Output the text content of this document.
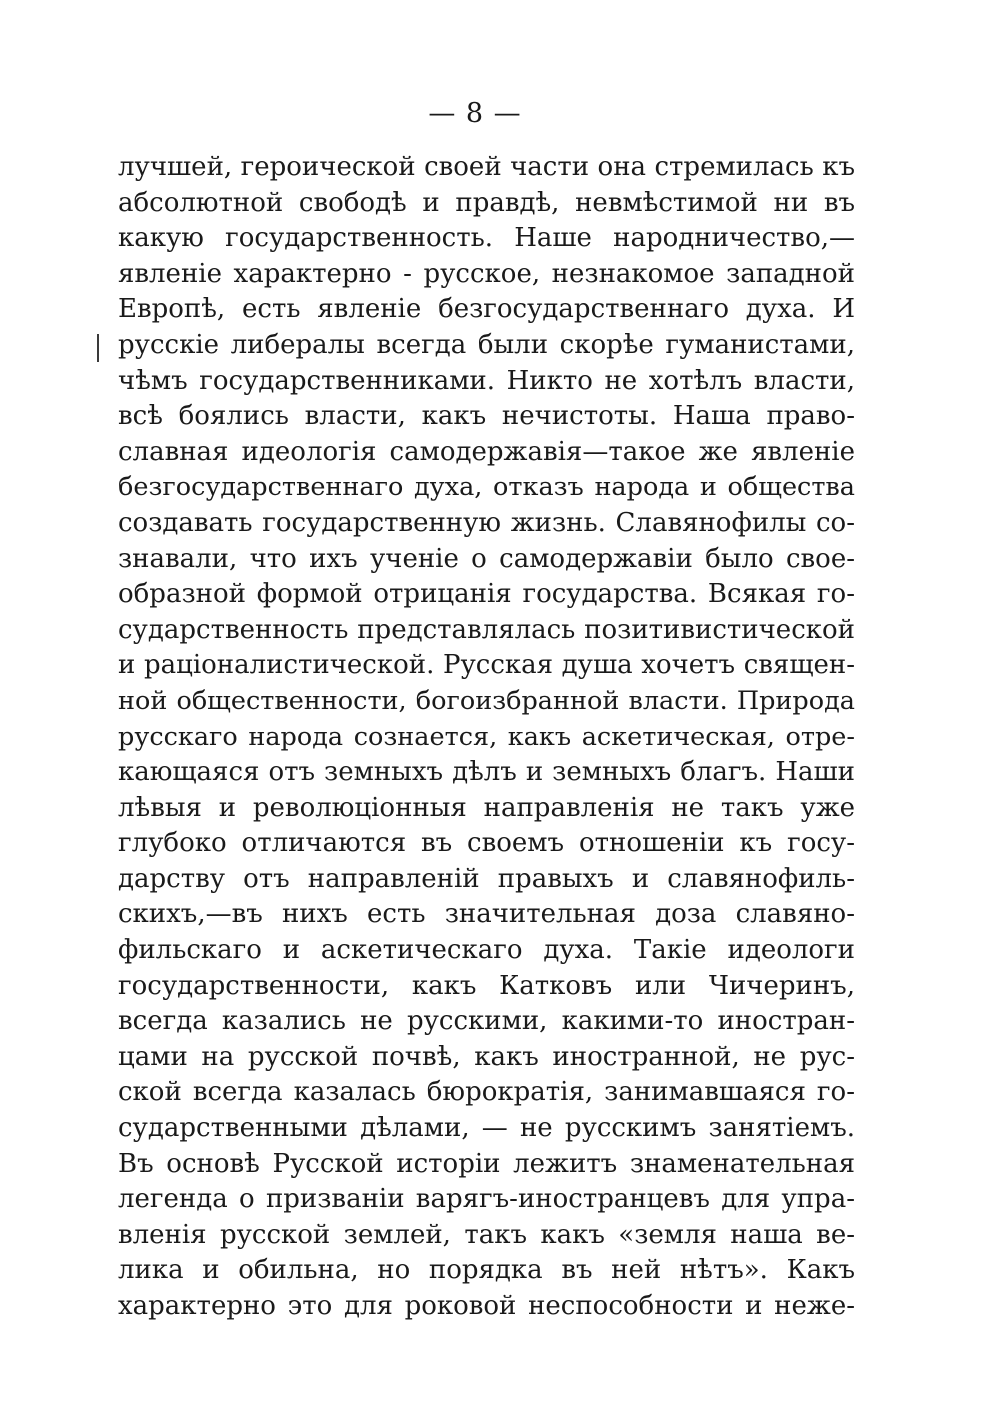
— 8 —
лучшей, героической своей части она стремилась къ
абсолютной свободѣ и правдѣ, невмѣстимой ни въ
какую государственность. Наше народничество,—
явленіе характерно - русское, незнакомое западной
Европѣ, есть явленіе безгосударственнаго духа. И
русскіе либералы всегда были скорѣе гуманистами,
чѣмъ государственниками. Никто не хотѣлъ власти,
всѣ боялись власти, какъ нечистоты. Наша право-
славная идеологія самодержавія—такое же явленіе
безгосударственнаго духа, отказъ народа и общества
создавать государственную жизнь. Славянофилы со-
знавали, что ихъ ученіе о самодержавіи было свое-
образной формой отрицанія государства. Всякая го-
сударственность представлялась позитивистической
и раціоналистической. Русская душа хочетъ священ-
ной общественности, богоизбранной власти. Природа
русскаго народа сознается, какъ аскетическая, отре-
кающаяся отъ земныхъ дѣлъ и земныхъ благъ. Наши
лѣвыя и революціонныя направленія не такъ уже
глубоко отличаются въ своемъ отношеніи къ госу-
дарству отъ направленій правыхъ и славянофиль-
скихъ,—въ нихъ есть значительная доза славяно-
фильскаго и аскетическаго духа. Такіе идеологи
государственности, какъ Катковъ или Чичеринъ,
всегда казались не русскими, какими-то иностран-
цами на русской почвѣ, какъ иностранной, не рус-
ской всегда казалась бюрократія, занимавшаяся го-
сударственными дѣлами, — не русскимъ занятіемъ.
Въ основѣ Русской исторіи лежитъ знаменательная
легенда о призваніи варягъ-иностранцевъ для упра-
вленія русской землей, такъ какъ «земля наша ве-
лика и обильна, но порядка въ ней нѣтъ». Какъ
характерно это для роковой неспособности и неже-
